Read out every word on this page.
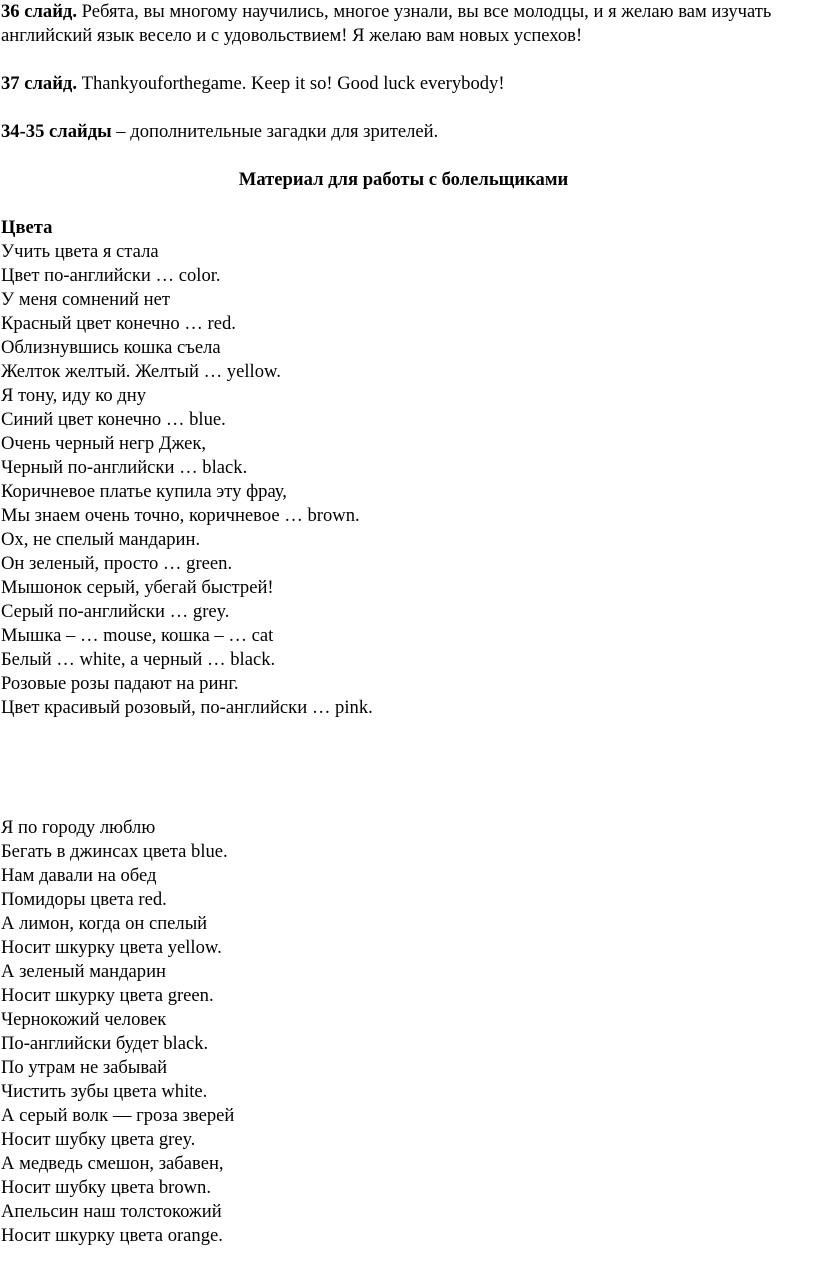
36 слайд. Ребята, вы многому научились, многое узнали, вы все молодцы, и я желаю вам изучать английский язык весело и с удовольствием! Я желаю вам новых успехов!

37 слайд. Thankyouforthegame. Keep it so! Good luck everybody!

34-35 слайды – дополнительные загадки для зрителей.

Материал для работы с болельщиками

Цвета

Учить цвета я стала
Цвет по-английски … color.
У меня сомнений нет
Красный цвет конечно … red.
Облизнувшись кошка съела
Желток желтый. Желтый … yellow.
Я тону, иду ко дну
Синий цвет конечно … blue.
Очень черный негр Джек,
Черный по-английски … black.
Коричневое платье купила эту фрау,
Мы знаем очень точно, коричневое … brown.
Ох, не спелый мандарин.
Он зеленый, просто … green.
Мышонок серый, убегай быстрей!
Серый по-английски … grey.
Мышка – … mouse, кошка – … cat
Белый … white, а черный … black.
Розовые розы падают на ринг.
Цвет красивый розовый, по-английски … pink.
Я по городу люблю
Бегать в джинсах цвета blue.
Нам давали на обед
Помидоры цвета red.
А лимон, когда он спелый
Носит шкурку цвета yellow.
А зеленый мандарин
Носит шкурку цвета green.
Чернокожий человек
По-английски будет black.
По утрам не забывай
Чистить зубы цвета white.
А серый волк — гроза зверей
Носит шубку цвета grey.
А медведь смешон, забавен,
Носит шубку цвета brown.
Апельсин наш толстокожий
Носит шкурку цвета orange.
